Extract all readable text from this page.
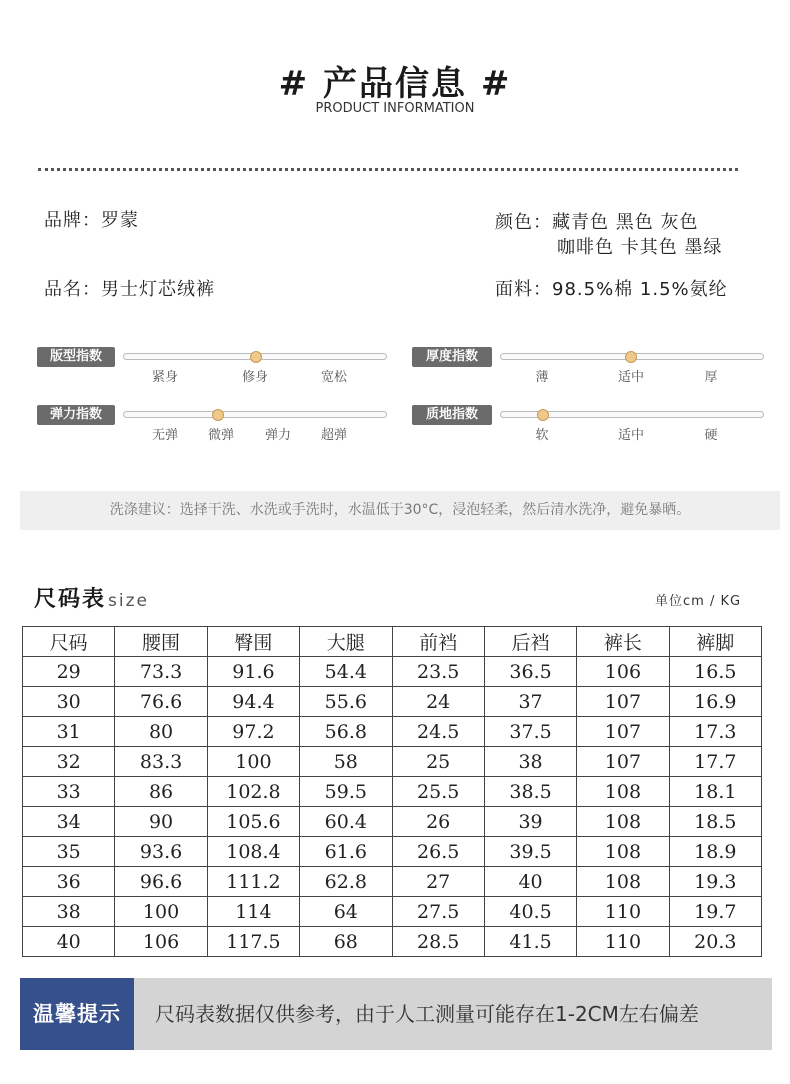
# 产品信息 #
PRODUCT INFORMATION
品牌：罗蒙	颜色：藏青色 黑色 灰色
咖啡色 卡其色 墨绿
品名：男士灯芯绒裤	面料：98.5%棉 1.5%氨纶
版型指数
紧身	修身	宽松
厚度指数
薄	适中	厚
弹力指数
无弹 微弹 弹力 超弹
质地指数
软	适中	硬
洗涤建议：选择干洗、水洗或手洗时，水温低于30°C，浸泡轻柔，然后清水洗净，避免暴晒。
尺码表 size	单位cm / KG
尺码	腰围	臀围	大腿	前裆	后裆	裤长	裤脚
29	73.3	91.6	54.4	23.5	36.5	106	16.5
30	76.6	94.4	55.6	24	37	107	16.9
31	80	97.2	56.8	24.5	37.5	107	17.3
32	83.3	100	58	25	38	107	17.7
33	86	102.8	59.5	25.5	38.5	108	18.1
34	90	105.6	60.4	26	39	108	18.5
35	93.6	108.4	61.6	26.5	39.5	108	18.9
36	96.6	111.2	62.8	27	40	108	19.3
38	100	114	64	27.5	40.5	110	19.7
40	106	117.5	68	28.5	41.5	110	20.3
温馨提示	尺码表数据仅供参考，由于人工测量可能存在1-2CM左右偏差
